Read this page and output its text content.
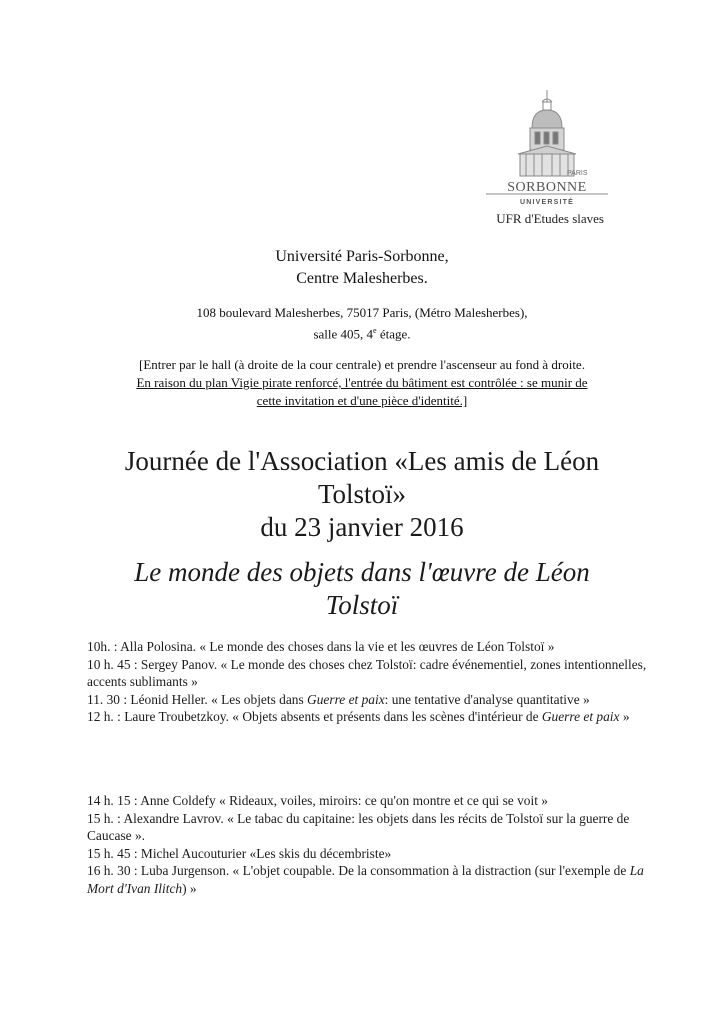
PARIS
SORBONNE
UNIVERSITÉ
UFR d'Etudes slaves
Université Paris-Sorbonne,
Centre Malesherbes.
108 boulevard Malesherbes, 75017 Paris, (Métro Malesherbes),
salle 405, 4e étage.
[Entrer par le hall (à droite de la cour centrale) et prendre l'ascenseur au fond à droite.
En raison du plan Vigie pirate renforcé, l'entrée du bâtiment est contrôlée : se munir de
cette invitation et d'une pièce d'identité.]
Journée de l'Association «Les amis de Léon
Tolstoï»
du 23 janvier 2016
Le monde des objets dans l'œuvre de Léon
Tolstoï

10h. : Alla Polosina. « Le monde des choses dans la vie et les œuvres de Léon Tolstoï »

10 h. 45 : Sergey Panov. « Le monde des choses chez Tolstoï: cadre événementiel, zones intentionnelles, accents sublimants »

11. 30 : Léonid Heller. « Les objets dans Guerre et paix: une tentative d'analyse quantitative »

12 h. : Laure Troubetzkoy. « Objets absents et présents dans les scènes d'intérieur de Guerre et paix »

14 h. 15 : Anne Coldefy « Rideaux, voiles, miroirs: ce qu'on montre et ce qui se voit »

15 h. : Alexandre Lavrov. « Le tabac du capitaine: les objets dans les récits de Tolstoï sur la guerre de Caucase ».

15 h. 45 : Michel Aucouturier «Les skis du décembriste»

16 h. 30 : Luba Jurgenson. « L'objet coupable. De la consommation à la distraction (sur l'exemple de La Mort d'Ivan Ilitch) »
